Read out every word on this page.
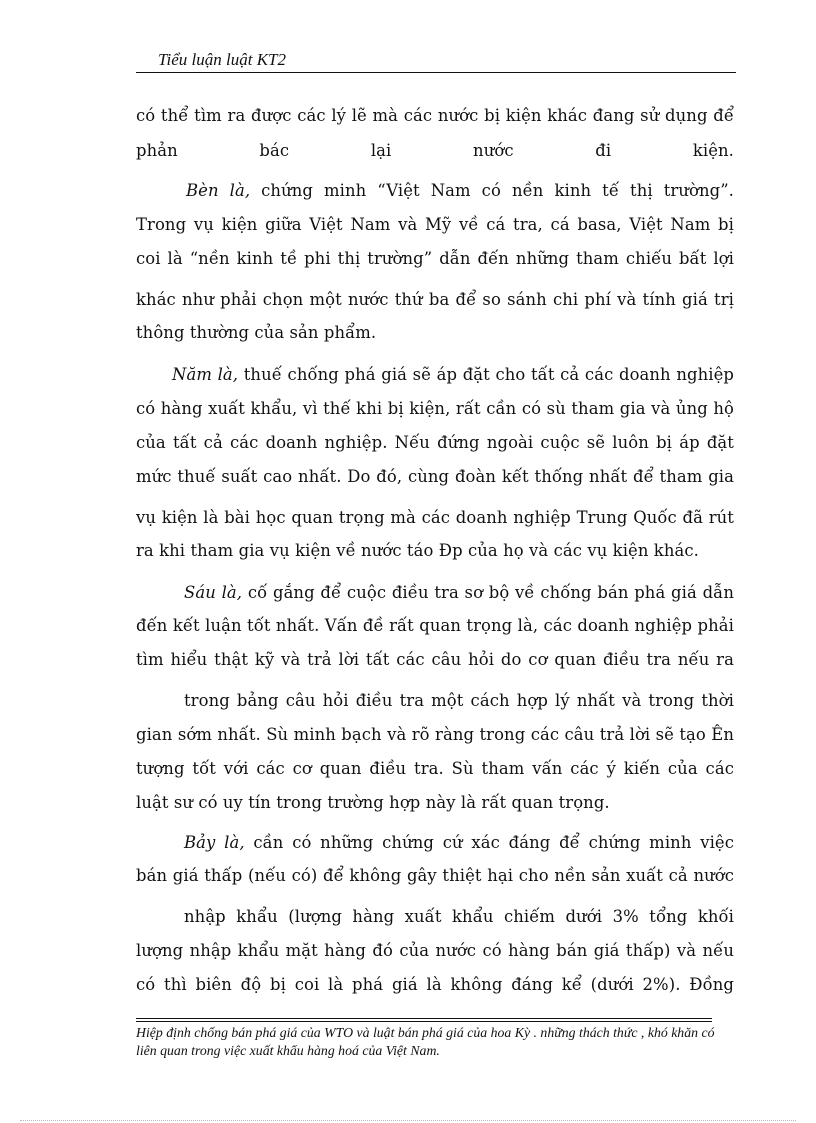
Tiểu luận luật KT2
có thể tìm ra được các lý lẽ mà các nước bị kiện khác đang sử dụng để
phản bác lại nước đi kiện.
Bèn là, chứng minh “Việt Nam có nền kinh tế thị trường”.
Trong vụ kiện giữa Việt Nam và Mỹ về cá tra, cá basa, Việt Nam bị
coi là “nền kinh tề phi thị trường” dẫn đến những tham chiếu bất lợi
khác như phải chọn một nước thứ ba để so sánh chi phí và tính giá trị
thông thường của sản phẩm.
Năm là, thuế chống phá giá sẽ áp đặt cho tất cả các doanh nghiệp
có hàng xuất khẩu, vì thế khi bị kiện, rất cần có sù tham gia và ủng hộ
của tất cả các doanh nghiệp. Nếu đứng ngoài cuộc sẽ luôn bị áp đặt
mức thuế suất cao nhất. Do đó, cùng đoàn kết thống nhất để tham gia
vụ kiện là bài học quan trọng mà các doanh nghiệp Trung Quốc đã rút
ra khi tham gia vụ kiện về nước táo Đp của họ và các vụ kiện khác.
Sáu là, cố gắng để cuộc điều tra sơ bộ về chống bán phá giá dẫn
đến kết luận tốt nhất. Vấn đề rất quan trọng là, các doanh nghiệp phải
tìm hiểu thật kỹ và trả lời tất các câu hỏi do cơ quan điều tra nếu ra
trong bảng câu hỏi điều tra một cách hợp lý nhất và trong thời
gian sớm nhất. Sù minh bạch và rõ ràng trong các câu trả lời sẽ tạo Ên
tượng tốt với các cơ quan điều tra. Sù tham vấn các ý kiến của các
luật sư có uy tín trong trường hợp này là rất quan trọng.
Bảy là, cần có những chứng cứ xác đáng để chứng minh việc
bán giá thấp (nếu có) để không gây thiệt hại cho nền sản xuất cả nước
nhập khẩu (lượng hàng xuất khẩu chiếm dưới 3% tổng khối
lượng nhập khẩu mặt hàng đó của nước có hàng bán giá thấp) và nếu
có thì biên độ bị coi là phá giá là không đáng kể (dưới 2%). Đồng
Hiệp định chống bán phá giá của WTO và luật bán phá giá của hoa Kỳ . những thách thức , khó khăn có liên quan trong việc xuất khẩu hàng hoá của Việt Nam.
